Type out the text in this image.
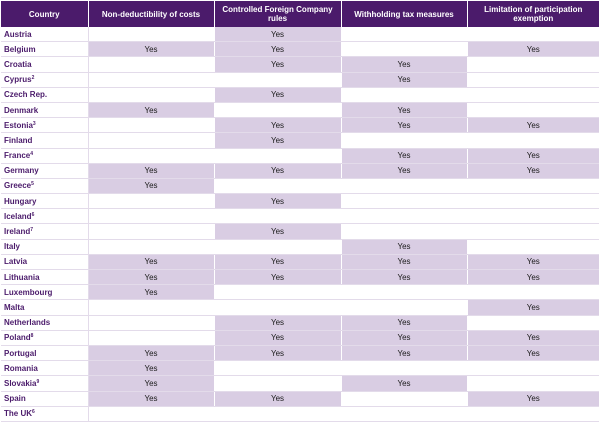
Country	Non-deductibility of costs	Controlled Foreign Company rules	Withholding tax measures	Limitation of participation exemption
Austria		Yes		
Belgium	Yes	Yes		Yes
Croatia		Yes	Yes	
Cyprus$^2$			Yes	
Czech Rep.		Yes		
Denmark	Yes		Yes	
Estonia$^3$		Yes	Yes	Yes
Finland		Yes		
France$^4$			Yes	Yes
Germany	Yes	Yes	Yes	Yes
Greece$^5$	Yes			
Hungary		Yes		
Iceland$^6$				
Ireland$^7$		Yes		
Italy			Yes	
Latvia	Yes	Yes	Yes	Yes
Lithuania	Yes	Yes	Yes	Yes
Luxembourg	Yes			
Malta				Yes
Netherlands		Yes	Yes	
Poland$^8$		Yes	Yes	Yes
Portugal	Yes	Yes	Yes	Yes
Romania	Yes			
Slovakia$^9$	Yes		Yes	
Spain	Yes	Yes		Yes
The UK$^6$				
